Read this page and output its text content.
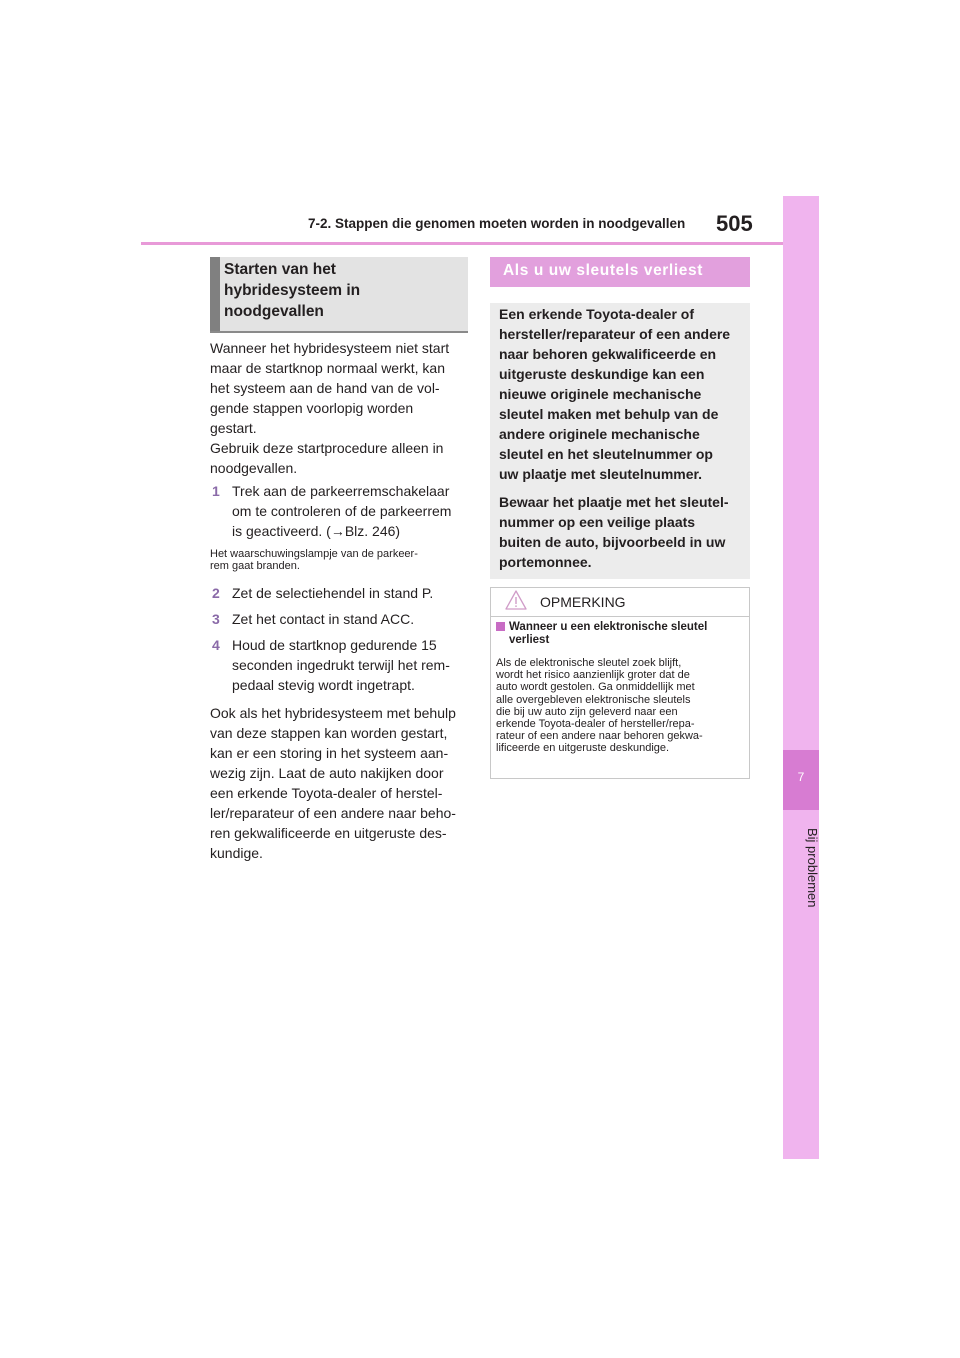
7-2. Stappen die genomen moeten worden in noodgevallen 505
7
Bij problemen
Starten van het
hybridesysteem in
noodgevallen
Wanneer het hybridesysteem niet start
maar de startknop normaal werkt, kan
het systeem aan de hand van de vol-
gende stappen voorlopig worden
gestart.
Gebruik deze startprocedure alleen in
noodgevallen.
1 Trek aan de parkeerremschakelaar
om te controleren of de parkeerrem
is geactiveerd. (→Blz. 246)
Het waarschuwingslampje van de parkeer-
rem gaat branden.
2 Zet de selectiehendel in stand P.
3 Zet het contact in stand ACC.
4 Houd de startknop gedurende 15
seconden ingedrukt terwijl het rem-
pedaal stevig wordt ingetrapt.
Ook als het hybridesysteem met behulp
van deze stappen kan worden gestart,
kan er een storing in het systeem aan-
wezig zijn. Laat de auto nakijken door
een erkende Toyota-dealer of herstel-
ler/reparateur of een andere naar beho-
ren gekwalificeerde en uitgeruste des-
kundige.
Als u uw sleutels verliest
Een erkende Toyota-dealer of
hersteller/reparateur of een andere
naar behoren gekwalificeerde en
uitgeruste deskundige kan een
nieuwe originele mechanische
sleutel maken met behulp van de
andere originele mechanische
sleutel en het sleutelnummer op
uw plaatje met sleutelnummer.
Bewaar het plaatje met het sleutel-
nummer op een veilige plaats
buiten de auto, bijvoorbeeld in uw
portemonnee.
OPMERKING
Wanneer u een elektronische sleutel
verliest
Als de elektronische sleutel zoek blijft,
wordt het risico aanzienlijk groter dat de
auto wordt gestolen. Ga onmiddellijk met
alle overgebleven elektronische sleutels
die bij uw auto zijn geleverd naar een
erkende Toyota-dealer of hersteller/repa-
rateur of een andere naar behoren gekwa-
lificeerde en uitgeruste deskundige.
